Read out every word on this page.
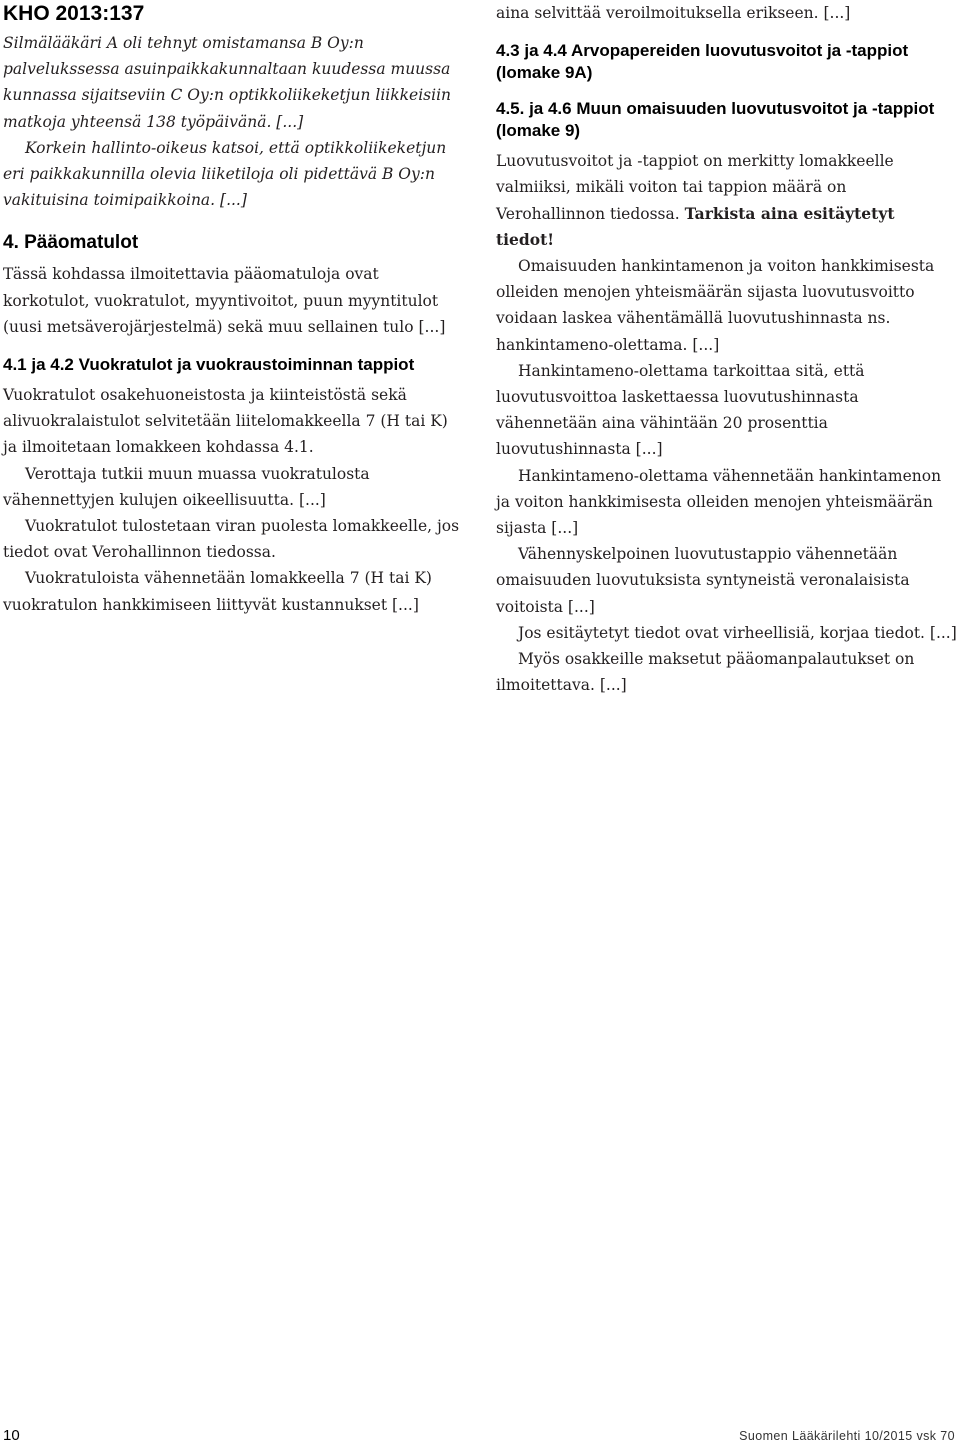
KHO 2013:137

Silmälääkäri A oli tehnyt omistamansa B Oy:n palvelukssessa asuinpaikkakunnaltaan kuudessa muussa kunnassa sijaitseviin C Oy:n optikkoliikeketjun liikkeisiin matkoja yhteensä 138 työpäivänä. [...]

Korkein hallinto-oikeus katsoi, että optikkoliikeketjun eri paikkakunnilla olevia liiketiloja oli pidettävä B Oy:n vakituisina toimipaikkoina. [...]

4. Pääomatulot

Tässä kohdassa ilmoitettavia pääomatuloja ovat korkotulot, vuokratulot, myyntivoitot, puun myyntitulot (uusi metsäverojärjestelmä) sekä muu sellainen tulo [...]

4.1 ja 4.2 Vuokratulot ja vuokraustoiminnan tappiot

Vuokratulot osakehuoneistosta ja kiinteistöstä sekä alivuokralaistulot selvitetään liitelomakkeella 7 (H tai K) ja ilmoitetaan lomakkeen kohdassa 4.1.

Verottaja tutkii muun muassa vuokratulosta vähennettyjen kulujen oikeellisuutta. [...]

Vuokratulot tulostetaan viran puolesta lomakkeelle, jos tiedot ovat Verohallinnon tiedossa.

Vuokratuloista vähennetään lomakkeella 7 (H tai K) vuokratulon hankkimiseen liittyvät kustannukset [...]

aina selvittää veroilmoituksella erikseen. [...]

4.3 ja 4.4 Arvopapereiden luovutusvoitot ja -tappiot (lomake 9A)
4.5. ja 4.6 Muun omaisuuden luovutusvoitot ja -tappiot (lomake 9)

Luovutusvoitot ja -tappiot on merkitty lomakkeelle valmiiksi, mikäli voiton tai tappion määrä on Verohallinnon tiedossa. Tarkista aina esitäytetyt tiedot!

Omaisuuden hankintamenon ja voiton hankkimisesta olleiden menojen yhteismäärän sijasta luovutusvoitto voidaan laskea vähentämällä luovutushinnasta ns. hankintameno-olettama. [...]

Hankintameno-olettama tarkoittaa sitä, että luovutusvoittoa laskettaessa luovutushinnasta vähennetään aina vähintään 20 prosenttia luovutushinnasta [...]

Hankintameno-olettama vähennetään hankintamenon ja voiton hankkimisesta olleiden menojen yhteismäärän sijasta [...]

Vähennyskelpoinen luovutustappio vähennetään omaisuuden luovutuksista syntyneistä veronalaisista voitoista [...]

Jos esitäytetyt tiedot ovat virheellisiä, korjaa tiedot. [...]

Myös osakkeille maksetut pääomanpalautukset on ilmoitettava. [...]

10	Suomen Lääkärilehti 10/2015 vsk 70
